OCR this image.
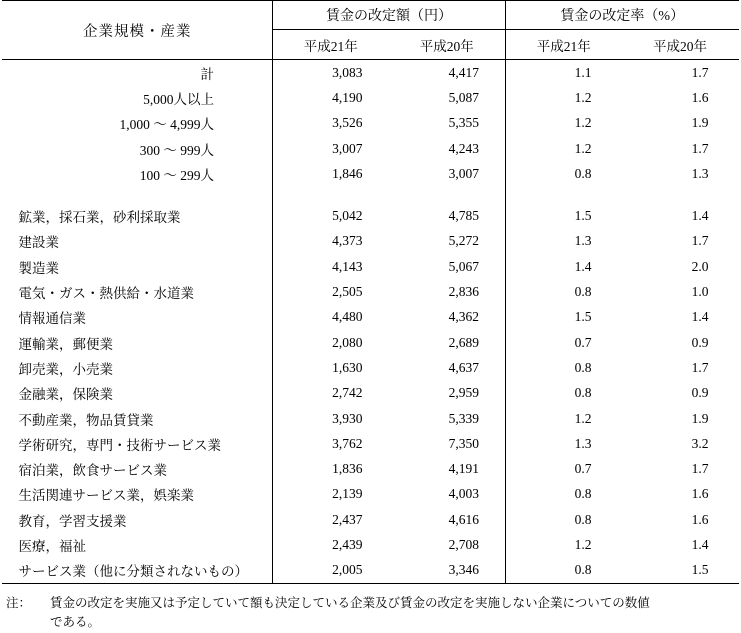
企業規模・産業	賃金の改定額（円）		賃金の改定率（%）	
	平成21年	平成20年	平成21年	平成20年
計	3,083	4,417	1.1	1.7
5,000人以上	4,190	5,087	1.2	1.6
1,000 ～ 4,999人	3,526	5,355	1.2	1.9
300 ～ 999人	3,007	4,243	1.2	1.7
100 ～ 299人	1,846	3,007	0.8	1.3

鉱業，採石業，砂利採取業	5,042	4,785	1.5	1.4
建設業	4,373	5,272	1.3	1.7
製造業	4,143	5,067	1.4	2.0
電気・ガス・熱供給・水道業	2,505	2,836	0.8	1.0
情報通信業	4,480	4,362	1.5	1.4
運輸業，郵便業	2,080	2,689	0.7	0.9
卸売業，小売業	1,630	4,637	0.8	1.7
金融業，保険業	2,742	2,959	0.8	0.9
不動産業，物品賃貸業	3,930	5,339	1.2	1.9
学術研究，専門・技術サービス業	3,762	7,350	1.3	3.2
宿泊業，飲食サービス業	1,836	4,191	0.7	1.7
生活関連サービス業，娯楽業	2,139	4,003	0.8	1.6
教育，学習支援業	2,437	4,616	0.8	1.6
医療，福祉	2,439	2,708	1.2	1.4
サービス業（他に分類されないもの）	2,005	3,346	0.8	1.5
注： 賃金の改定を実施又は予定していて額も決定している企業及び賃金の改定を実施しない企業についての数値
である。
